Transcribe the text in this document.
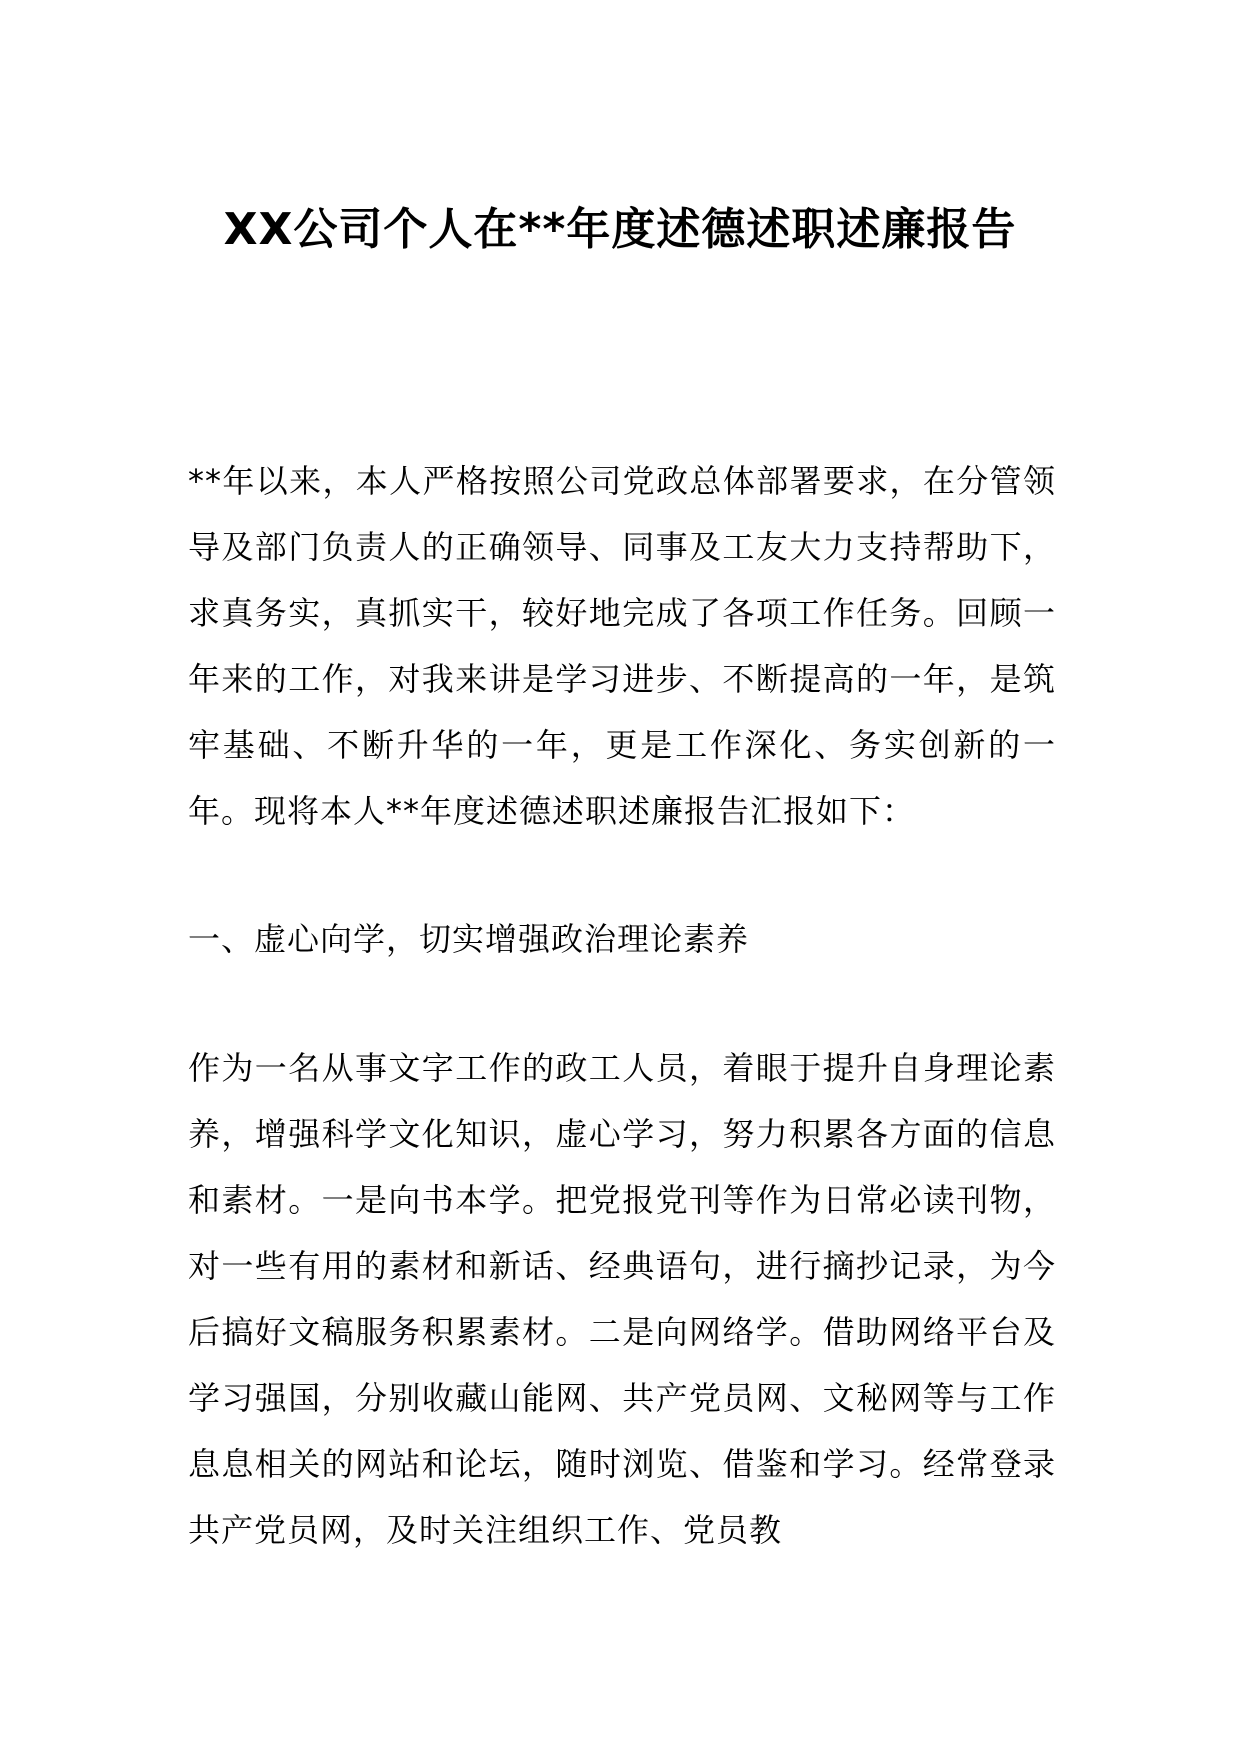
XX公司个人在**年度述德述职述廉报告
**年以来，本人严格按照公司党政总体部署要求，在分管领导及部门负责人的正确领导、同事及工友大力支持帮助下，求真务实，真抓实干，较好地完成了各项工作任务。回顾一年来的工作，对我来讲是学习进步、不断提高的一年，是筑牢基础、不断升华的一年，更是工作深化、务实创新的一年。现将本人**年度述德述职述廉报告汇报如下：
一、虚心向学，切实增强政治理论素养
作为一名从事文字工作的政工人员，着眼于提升自身理论素养，增强科学文化知识，虚心学习，努力积累各方面的信息和素材。一是向书本学。把党报党刊等作为日常必读刊物，对一些有用的素材和新话、经典语句，进行摘抄记录，为今后搞好文稿服务积累素材。二是向网络学。借助网络平台及学习强国，分别收藏山能网、共产党员网、文秘网等与工作息息相关的网站和论坛，随时浏览、借鉴和学习。经常登录共产党员网，及时关注组织工作、党员教
